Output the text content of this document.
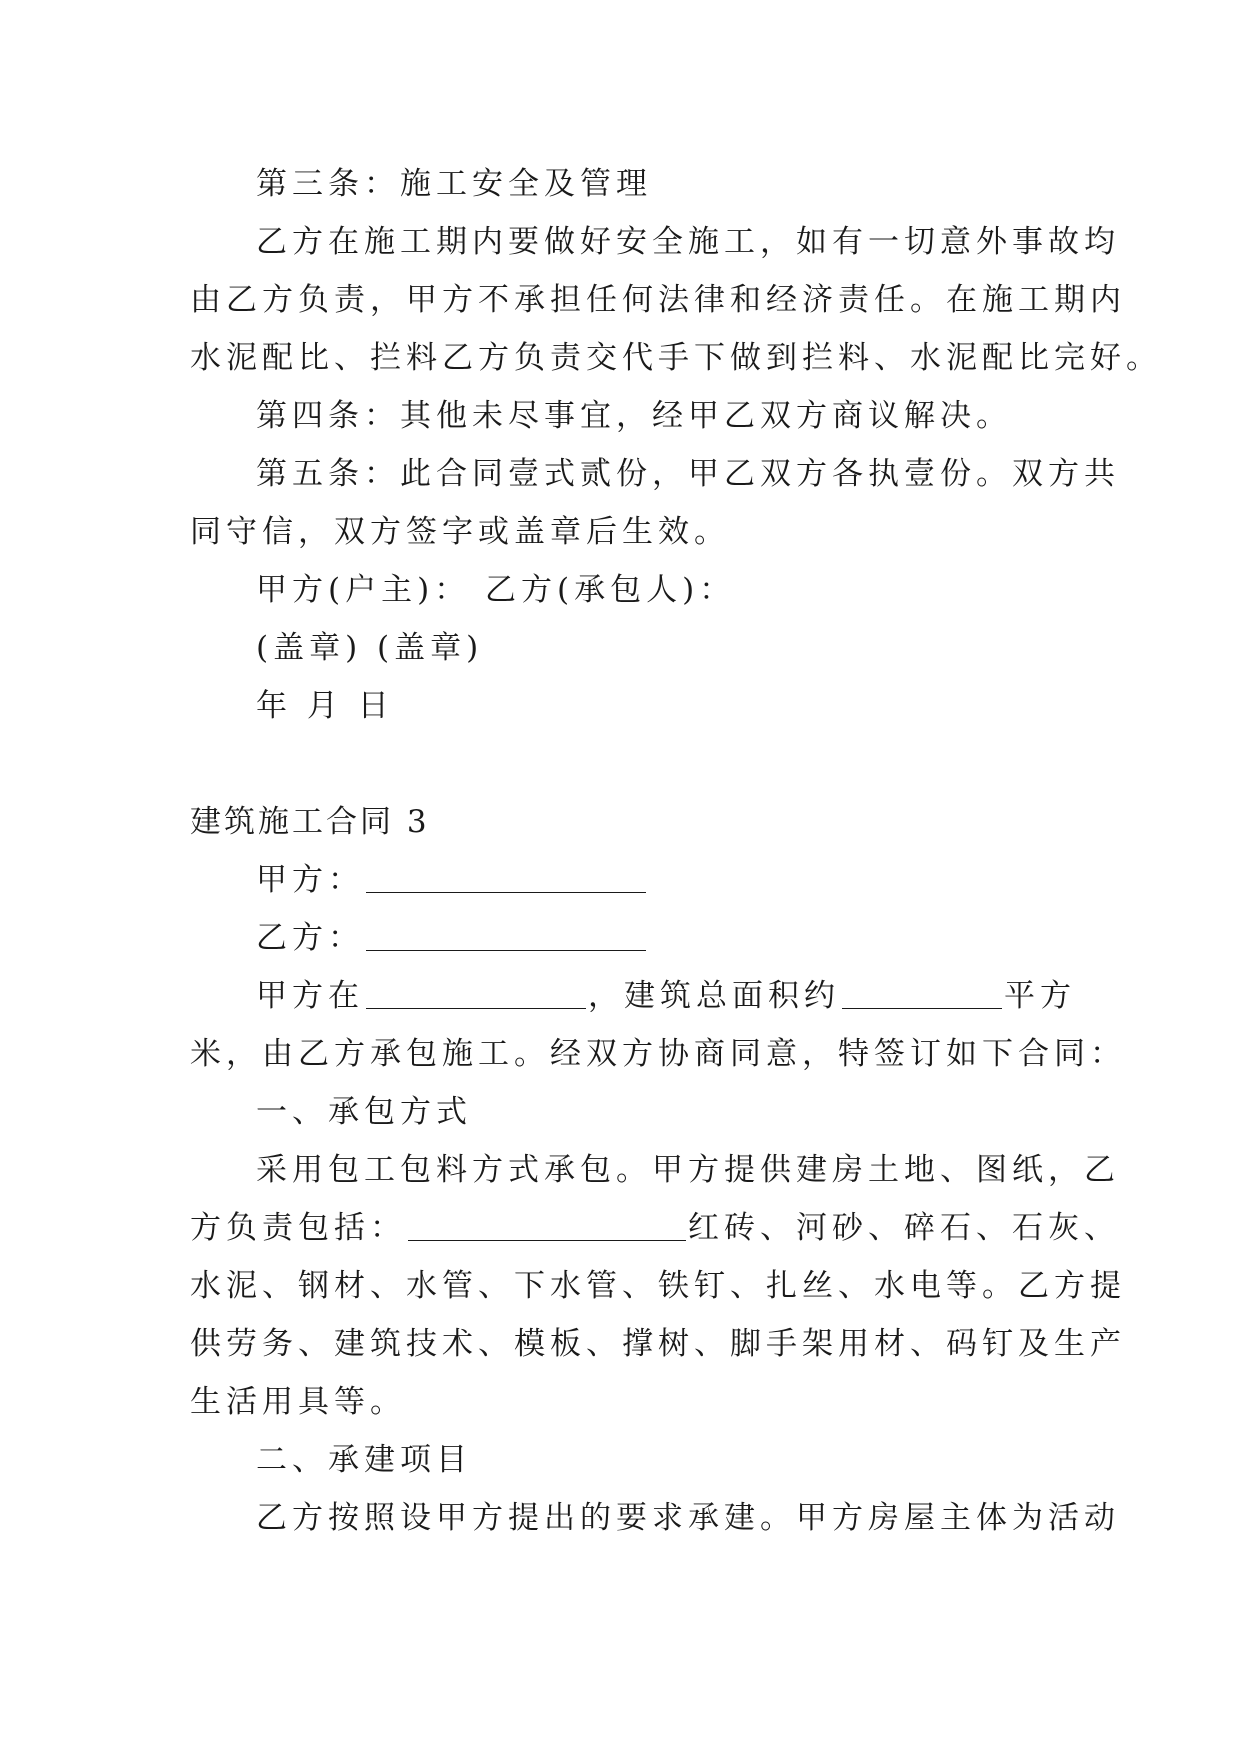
第三条：施工安全及管理
乙方在施工期内要做好安全施工，如有一切意外事故均
由乙方负责，甲方不承担任何法律和经济责任。在施工期内
水泥配比、拦料乙方负责交代手下做到拦料、水泥配比完好。
第四条：其他未尽事宜，经甲乙双方商议解决。
第五条：此合同壹式贰份，甲乙双方各执壹份。双方共
同守信，双方签字或盖章后生效。
甲方(户主)： 乙方(承包人)：
(盖章) (盖章)
年 月 日
建筑施工合同 3
甲方：
乙方：
甲方在	，建筑总面积约	平方
米，由乙方承包施工。经双方协商同意，特签订如下合同：
一、承包方式
采用包工包料方式承包。甲方提供建房土地、图纸，乙
方负责包括：	红砖、河砂、碎石、石灰、
水泥、钢材、水管、下水管、铁钉、扎丝、水电等。乙方提
供劳务、建筑技术、模板、撑树、脚手架用材、码钉及生产
生活用具等。
二、承建项目
乙方按照设甲方提出的要求承建。甲方房屋主体为活动
